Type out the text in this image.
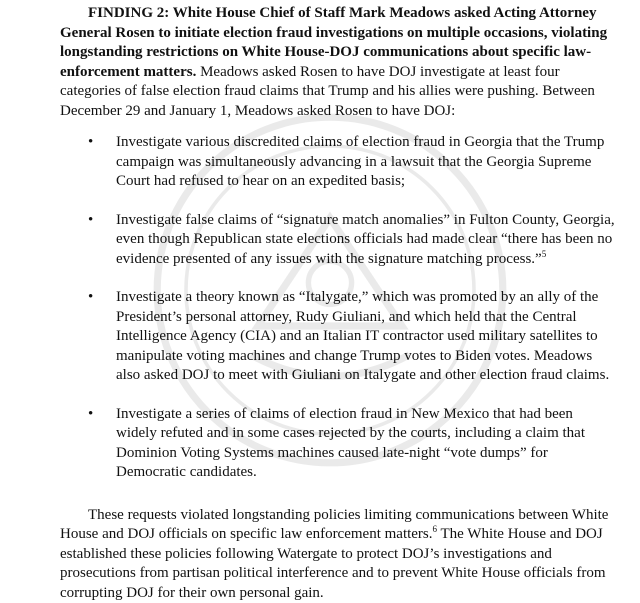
FINDING 2: White House Chief of Staff Mark Meadows asked Acting Attorney General Rosen to initiate election fraud investigations on multiple occasions, violating longstanding restrictions on White House-DOJ communications about specific law-enforcement matters. Meadows asked Rosen to have DOJ investigate at least four categories of false election fraud claims that Trump and his allies were pushing. Between December 29 and January 1, Meadows asked Rosen to have DOJ:

• Investigate various discredited claims of election fraud in Georgia that the Trump campaign was simultaneously advancing in a lawsuit that the Georgia Supreme Court had refused to hear on an expedited basis;
• Investigate false claims of “signature match anomalies” in Fulton County, Georgia, even though Republican state elections officials had made clear “there has been no evidence presented of any issues with the signature matching process.”$^5$
• Investigate a theory known as “Italygate,” which was promoted by an ally of the President’s personal attorney, Rudy Giuliani, and which held that the Central Intelligence Agency (CIA) and an Italian IT contractor used military satellites to manipulate voting machines and change Trump votes to Biden votes. Meadows also asked DOJ to meet with Giuliani on Italygate and other election fraud claims.
• Investigate a series of claims of election fraud in New Mexico that had been widely refuted and in some cases rejected by the courts, including a claim that Dominion Voting Systems machines caused late-night “vote dumps” for Democratic candidates.

These requests violated longstanding policies limiting communications between White House and DOJ officials on specific law enforcement matters.$^6$ The White House and DOJ established these policies following Watergate to protect DOJ’s investigations and prosecutions from partisan political interference and to prevent White House officials from corrupting DOJ for their own personal gain.
